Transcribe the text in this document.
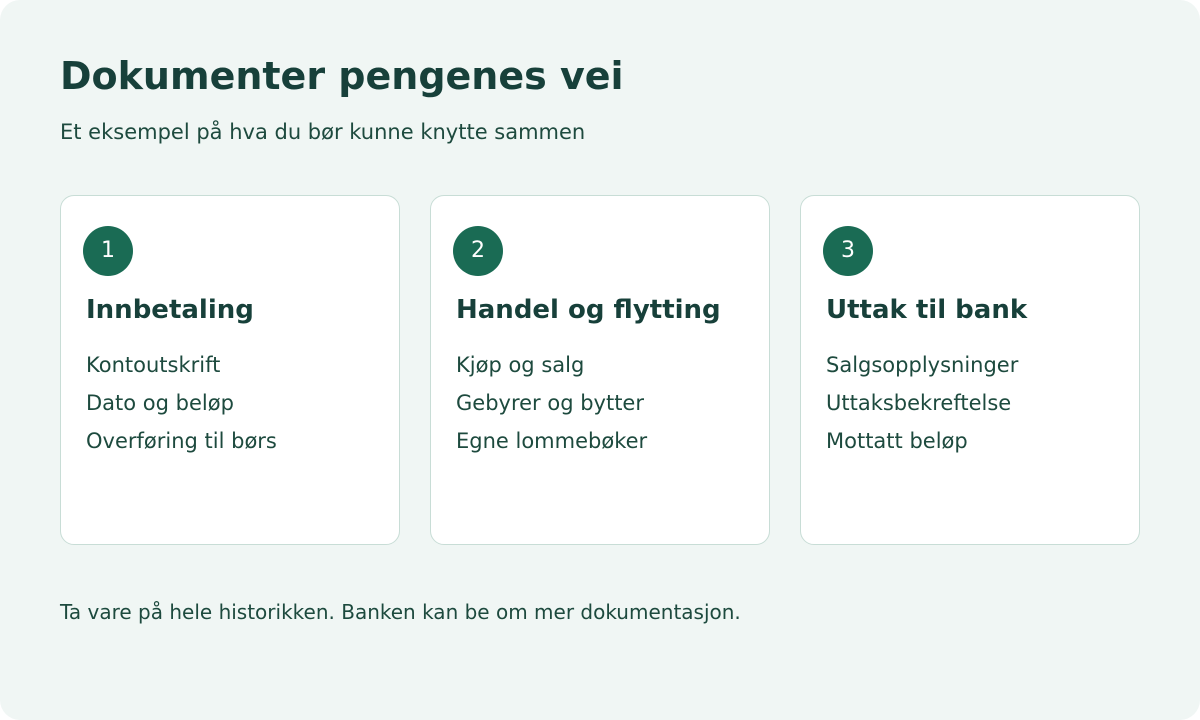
Dokumenter pengenes vei

Et eksempel på hva du bør kunne knytte sammen

1
Innbetaling
Kontoutskrift
Dato og beløp
Overføring til børs
2
Handel og flytting
Kjøp og salg
Gebyrer og bytter
Egne lommebøker
3
Uttak til bank
Salgsopplysninger
Uttaksbekreftelse
Mottatt beløp

Ta vare på hele historikken. Banken kan be om mer dokumentasjon.
